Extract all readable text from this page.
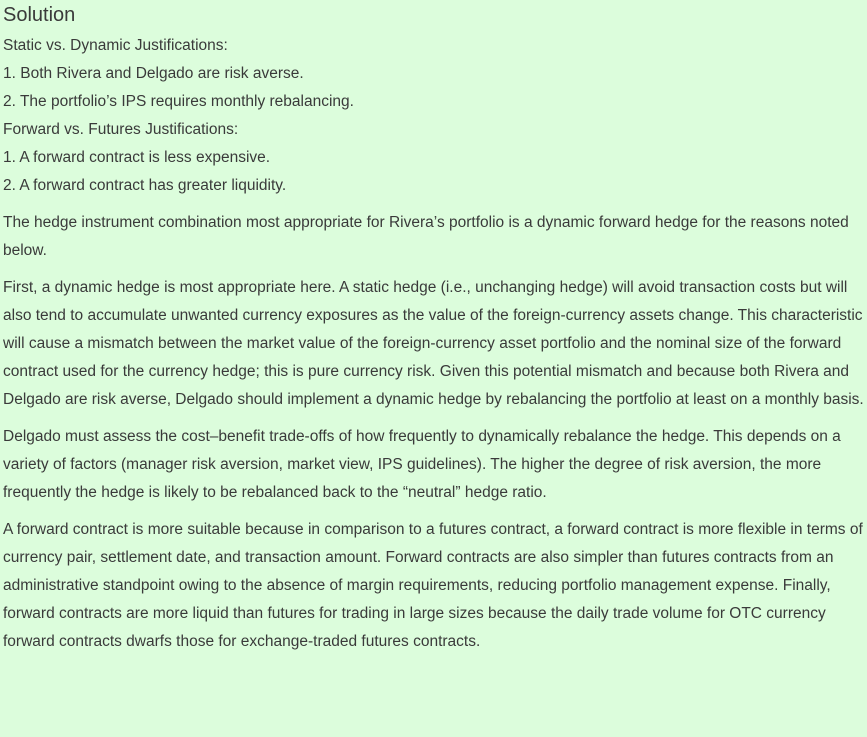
Solution
Static vs. Dynamic Justifications:
1. Both Rivera and Delgado are risk averse.
2. The portfolio’s IPS requires monthly rebalancing.
Forward vs. Futures Justifications:
1. A forward contract is less expensive.
2. A forward contract has greater liquidity.

The hedge instrument combination most appropriate for Rivera’s portfolio is a dynamic forward hedge for the reasons noted below.

First, a dynamic hedge is most appropriate here. A static hedge (i.e., unchanging hedge) will avoid transaction costs but will also tend to accumulate unwanted currency exposures as the value of the foreign-currency assets change. This characteristic will cause a mismatch between the market value of the foreign-currency asset portfolio and the nominal size of the forward contract used for the currency hedge; this is pure currency risk. Given this potential mismatch and because both Rivera and Delgado are risk averse, Delgado should implement a dynamic hedge by rebalancing the portfolio at least on a monthly basis.

Delgado must assess the cost–benefit trade-offs of how frequently to dynamically rebalance the hedge. This depends on a variety of factors (manager risk aversion, market view, IPS guidelines). The higher the degree of risk aversion, the more frequently the hedge is likely to be rebalanced back to the “neutral” hedge ratio.

A forward contract is more suitable because in comparison to a futures contract, a forward contract is more flexible in terms of currency pair, settlement date, and transaction amount. Forward contracts are also simpler than futures contracts from an administrative standpoint owing to the absence of margin requirements, reducing portfolio management expense. Finally, forward contracts are more liquid than futures for trading in large sizes because the daily trade volume for OTC currency forward contracts dwarfs those for exchange-traded futures contracts.
